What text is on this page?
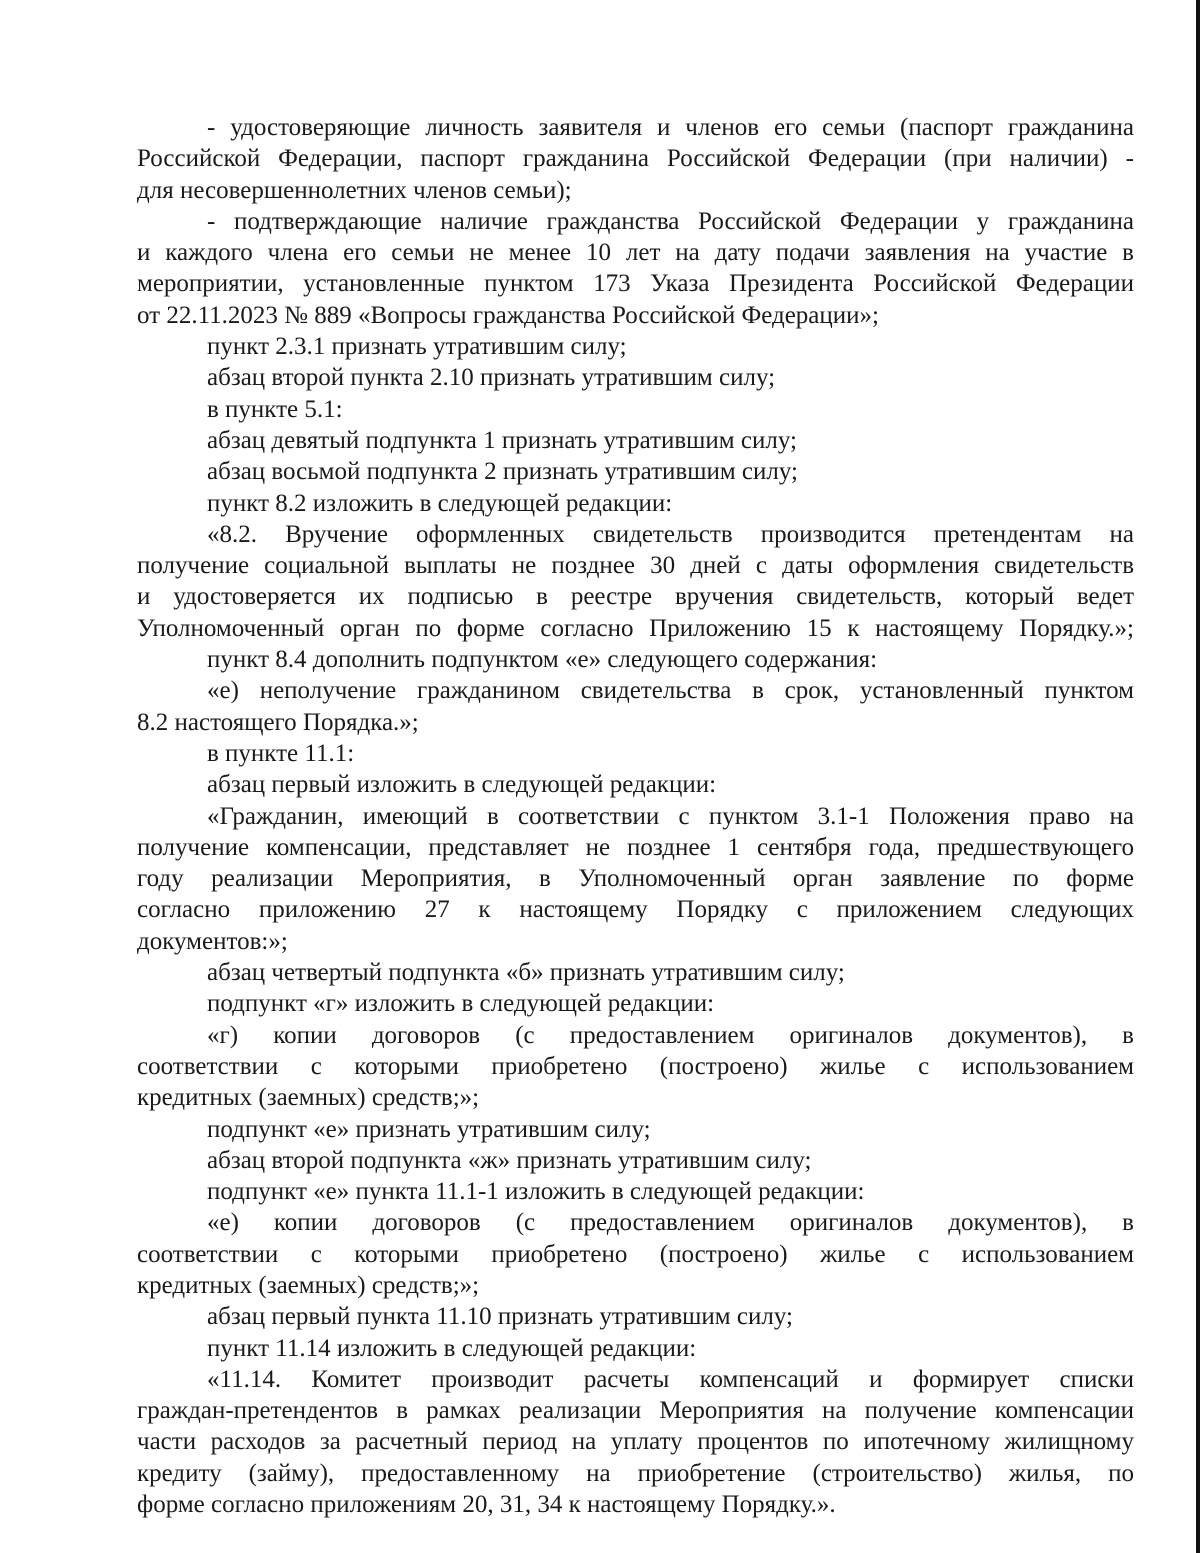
- удостоверяющие личность заявителя и членов его семьи (паспорт гражданина
Российской Федерации, паспорт гражданина Российской Федерации (при наличии) -
для несовершеннолетних членов семьи);
- подтверждающие наличие гражданства Российской Федерации у гражданина
и каждого члена его семьи не менее 10 лет на дату подачи заявления на участие в
мероприятии, установленные пунктом 173 Указа Президента Российской Федерации
от 22.11.2023 № 889 «Вопросы гражданства Российской Федерации»;
пункт 2.3.1 признать утратившим силу;
абзац второй пункта 2.10 признать утратившим силу;
в пункте 5.1:
абзац девятый подпункта 1 признать утратившим силу;
абзац восьмой подпункта 2 признать утратившим силу;
пункт 8.2 изложить в следующей редакции:
«8.2. Вручение оформленных свидетельств производится претендентам на
получение социальной выплаты не позднее 30 дней с даты оформления свидетельств
и удостоверяется их подписью в реестре вручения свидетельств, который ведет
Уполномоченный орган по форме согласно Приложению 15 к настоящему Порядку.»;
пункт 8.4 дополнить подпунктом «е» следующего содержания:
«е) неполучение гражданином свидетельства в срок, установленный пунктом
8.2 настоящего Порядка.»;
в пункте 11.1:
абзац первый изложить в следующей редакции:
«Гражданин, имеющий в соответствии с пунктом 3.1-1 Положения право на
получение компенсации, представляет не позднее 1 сентября года, предшествующего
году реализации Мероприятия, в Уполномоченный орган заявление по форме
согласно приложению 27 к настоящему Порядку с приложением следующих
документов:»;
абзац четвертый подпункта «б» признать утратившим силу;
подпункт «г» изложить в следующей редакции:
«г) копии договоров (с предоставлением оригиналов документов), в
соответствии с которыми приобретено (построено) жилье с использованием
кредитных (заемных) средств;»;
подпункт «е» признать утратившим силу;
абзац второй подпункта «ж» признать утратившим силу;
подпункт «е» пункта 11.1-1 изложить в следующей редакции:
«е) копии договоров (с предоставлением оригиналов документов), в
соответствии с которыми приобретено (построено) жилье с использованием
кредитных (заемных) средств;»;
абзац первый пункта 11.10 признать утратившим силу;
пункт 11.14 изложить в следующей редакции:
«11.14. Комитет производит расчеты компенсаций и формирует списки
граждан-претендентов в рамках реализации Мероприятия на получение компенсации
части расходов за расчетный период на уплату процентов по ипотечному жилищному
кредиту (займу), предоставленному на приобретение (строительство) жилья, по
форме согласно приложениям 20, 31, 34 к настоящему Порядку.».
